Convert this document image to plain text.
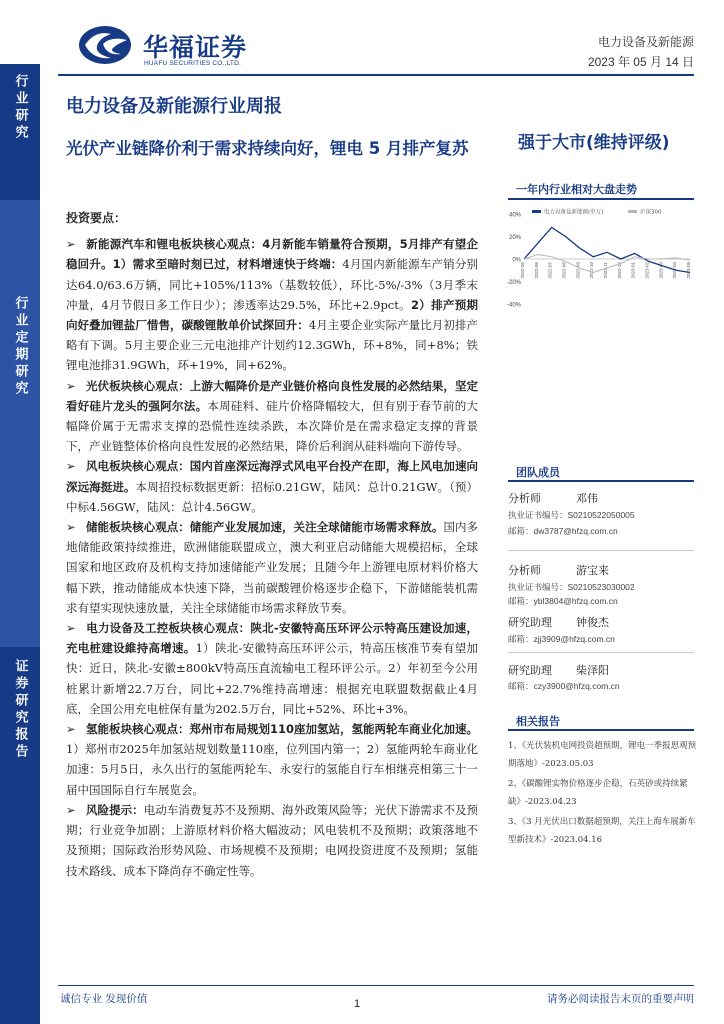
华福证券
HUAFU SECURITIES CO.,LTD.
电力设备及新能源
2023 年 05 月 14 日
行业研究
行业定期研究
证券研究报告
电力设备及新能源行业周报
光伏产业链降价利于需求持续向好，锂电 5 月排产复苏	强于大市(维持评级)
一年内行业相对大盘走势
40%
20%
0%
-20%
-40%
2022-05 2022-06 2022-07 2022-08 2022-09 2022-10 2022-11 2022-12 2023-01 2023-02 2023-03 2023-04 2023-05
电力设备及新能源(申万)	沪深300
团队成员
分析师	邓伟
执业证书编号：S0210522050005
邮箱：dw3787@hfzq.com.cn
分析师	游宝来
执业证书编号：S0210523030002
邮箱：ybl3804@hfzq.com.cn
研究助理 钟俊杰
邮箱：zjj3909@hfzq.com.cn
研究助理 柴泽阳
邮箱：czy3900@hfzq.com.cn
相关报告
1、《光伏装机电网投资超预期，锂电一季报思观预期落地》-2023.05.03
2、《碳酸锂实物价格逐步企稳，石英砂或持续紧缺》-2023.04.23
3、《3 月光伏出口数据超预期，关注上海车展新车型新技术》-2023.04.16
投资要点：

➢ 新能源汽车和锂电板块核心观点：4月新能车销量符合预期，5月排产有望企稳回升。1）需求至暗时刻已过，材料增速快于终端：4月国内新能源车产销分别达64.0/63.6万辆，同比+105%/113%（基数较低），环比-5%/-3%（3月季末冲量，4月节假日多工作日少）；渗透率达29.5%，环比+2.9pct。2）排产预期向好叠加锂盐厂惜售，碳酸锂散单价试探回升：4月主要企业实际产量比月初排产略有下调。5月主要企业三元电池排产计划约12.3GWh，环+8%，同+8%；铁锂电池排31.9GWh，环+19%，同+62%。

➢ 光伏板块核心观点：上游大幅降价是产业链价格向良性发展的必然结果，坚定看好硅片龙头的强阿尔法。本周硅料、硅片价格降幅较大，但有别于春节前的大幅降价属于无需求支撑的恐慌性连续杀跌，本次降价是在需求稳定支撑的背景下，产业链整体价格向良性发展的必然结果，降价后利润从硅料端向下游传导。

➢ 风电板块核心观点：国内首座深远海浮式风电平台投产在即，海上风电加速向深远海挺进。本周招投标数据更新：招标0.21GW，陆风：总计0.21GW。（预）中标4.56GW，陆风：总计4.56GW。

➢ 储能板块核心观点：储能产业发展加速，关注全球储能市场需求释放。国内多地储能政策持续推进，欧洲储能联盟成立，澳大利亚启动储能大规模招标，全球国家和地区政府及机构支持加速储能产业发展；且随今年上游锂电原材料价格大幅下跌，推动储能成本快速下降，当前碳酸锂价格逐步企稳下，下游储能装机需求有望实现快速放量，关注全球储能市场需求释放节奏。

➢ 电力设备及工控板块核心观点：陕北-安徽特高压环评公示特高压建设加速，充电桩建设維持高增速。1）陕北-安徽特高压环评公示，特高压核准节奏有望加快：近日，陕北-安徽±800kV特高压直流输电工程环评公示。2）年初至今公用桩累计新增22.7万台，同比+22.7%维持高增速：根据充电联盟数据截止4月底，全国公用充电桩保有量为202.5万台，同比+52%、环比+3%。

➢ 氢能板块核心观点：郑州市布局规划110座加氢站，氢能两轮车商业化加速。1）郑州市2025年加氢站规划数量110座，位列国内第一；2）氢能两轮车商业化加速：5月5日，永久出行的氢能两轮车、永安行的氢能自行车相继亮相第三十一届中国国际自行车展览会。

➢ 风险提示：电动车消费复苏不及预期、海外政策风险等；光伏下游需求不及预期；行业竞争加剧；上游原材料价格大幅波动；风电装机不及预期；政策落地不及预期；国际政治形势风险、市场规模不及预期；电网投资进度不及预期；氢能技术路线、成本下降尚存不确定性等。

诚信专业 发现价值	1	请务必阅读报告末页的重要声明
